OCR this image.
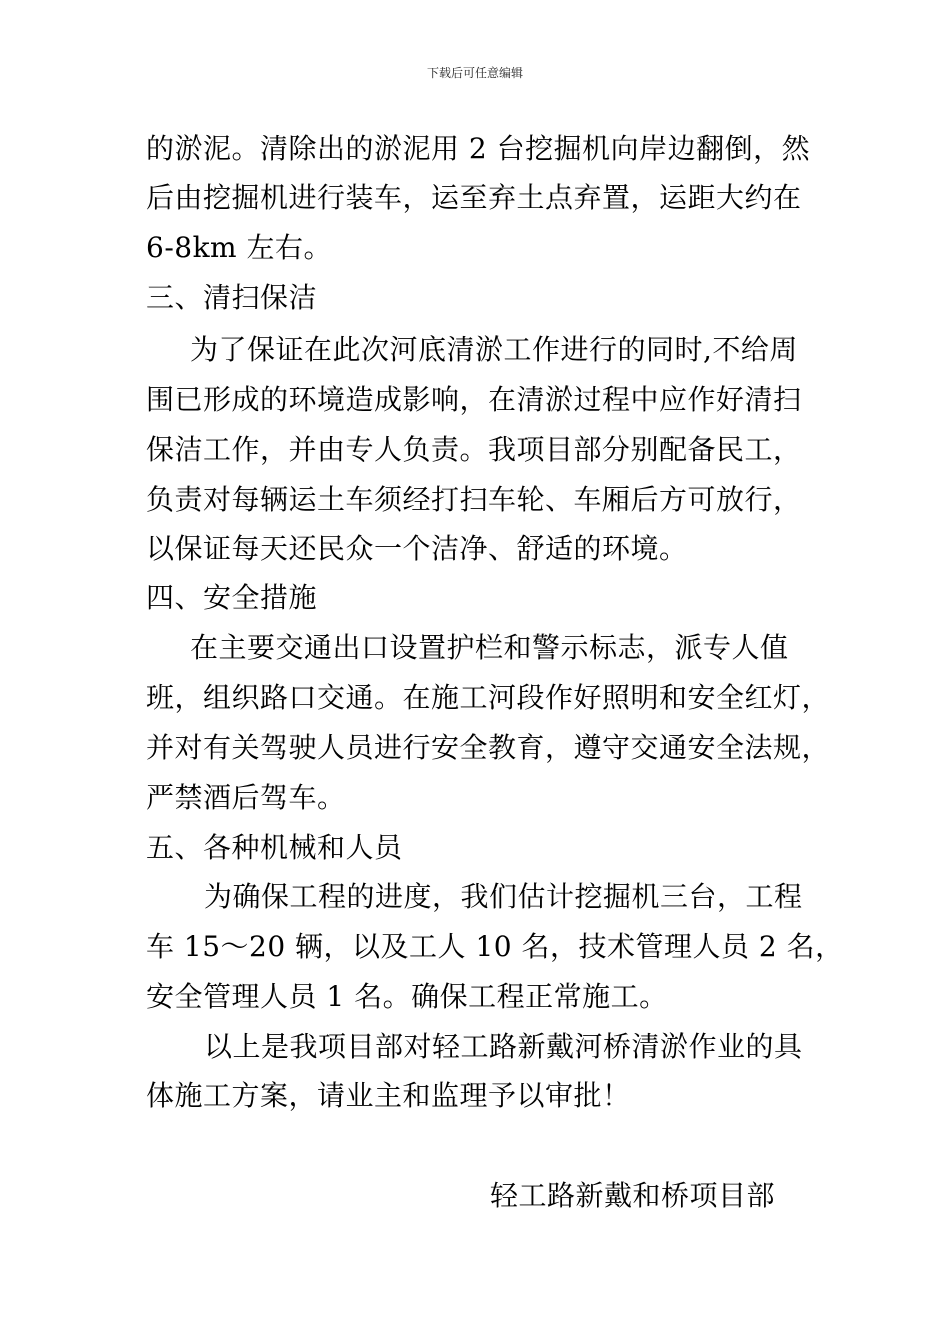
下载后可任意编辑
的淤泥。清除出的淤泥用 2 台挖掘机向岸边翻倒，然
后由挖掘机进行装车，运至弃土点弃置，运距大约在
6-8km 左右。
三、清扫保洁
为了保证在此次河底清淤工作进行的同时,不给周
围已形成的环境造成影响，在清淤过程中应作好清扫
保洁工作，并由专人负责。我项目部分别配备民工，
负责对每辆运土车须经打扫车轮、车厢后方可放行，
以保证每天还民众一个洁净、舒适的环境。
四、安全措施
在主要交通出口设置护栏和警示标志，派专人值
班，组织路口交通。在施工河段作好照明和安全红灯，
并对有关驾驶人员进行安全教育，遵守交通安全法规，
严禁酒后驾车。
五、各种机械和人员
为确保工程的进度，我们估计挖掘机三台，工程
车 15～20 辆，以及工人 10 名，技术管理人员 2 名，
安全管理人员 1 名。确保工程正常施工。
以上是我项目部对轻工路新戴河桥清淤作业的具
体施工方案，请业主和监理予以审批！
轻工路新戴和桥项目部
